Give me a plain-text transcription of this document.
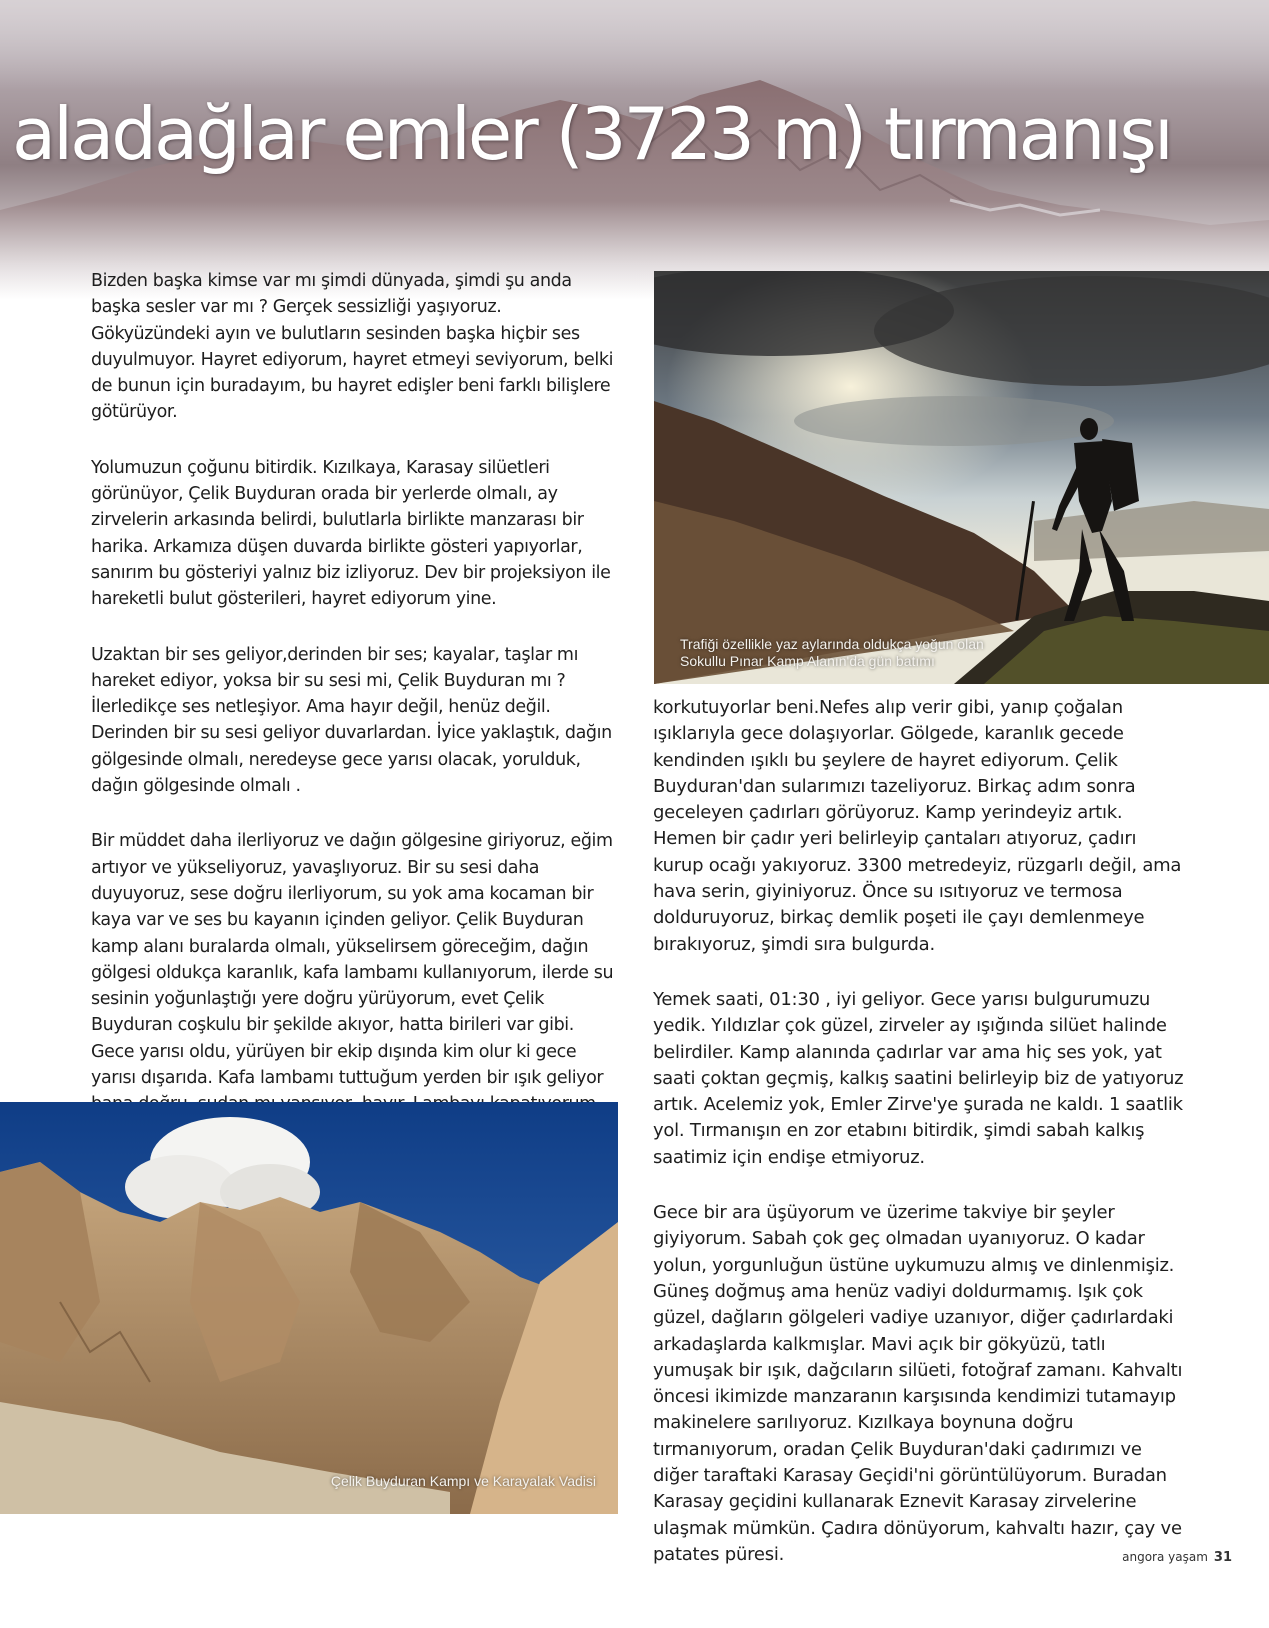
aladağlar emler (3723 m) tırmanışı

Bizden başka kimse var mı şimdi dünyada, şimdi şu anda başka sesler var mı ? Gerçek sessizliği yaşıyoruz. Gökyüzündeki ayın ve bulutların sesinden başka hiçbir ses duyulmuyor. Hayret ediyorum, hayret etmeyi seviyorum, belki de bunun için buradayım, bu hayret edişler beni farklı bilişlere götürüyor.

Yolumuzun çoğunu bitirdik. Kızılkaya, Karasay silüetleri görünüyor, Çelik Buyduran orada bir yerlerde olmalı, ay zirvelerin arkasında belirdi, bulutlarla birlikte manzarası bir harika. Arkamıza düşen duvarda birlikte gösteri yapıyorlar, sanırım bu gösteriyi yalnız biz izliyoruz. Dev bir projeksiyon ile hareketli bulut gösterileri, hayret ediyorum yine.

Uzaktan bir ses geliyor,derinden bir ses; kayalar, taşlar mı hareket ediyor, yoksa bir su sesi mi, Çelik Buyduran mı ? İlerledikçe ses netleşiyor. Ama hayır değil, henüz değil. Derinden bir su sesi geliyor duvarlardan. İyice yaklaştık, dağın gölgesinde olmalı, neredeyse gece yarısı olacak, yorulduk, dağın gölgesinde olmalı .

Bir müddet daha ilerliyoruz ve dağın gölgesine giriyoruz, eğim artıyor ve yükseliyoruz, yavaşlıyoruz. Bir su sesi daha duyuyoruz, sese doğru ilerliyorum, su yok ama kocaman bir kaya var ve ses bu kayanın içinden geliyor. Çelik Buyduran kamp alanı buralarda olmalı, yükselirsem göreceğim, dağın gölgesi oldukça karanlık, kafa lambamı kullanıyorum, ilerde su sesinin yoğunlaştığı yere doğru yürüyorum, evet Çelik Buyduran coşkulu bir şekilde akıyor, hatta birileri var gibi. Gece yarısı oldu, yürüyen bir ekip dışında kim olur ki gece yarısı dışarıda. Kafa lambamı tuttuğum yerden bir ışık geliyor

Trafiği özellikle yaz aylarında oldukça yoğun olan
Sokullu Pınar Kamp Alanın'da gün batımı

korkutuyorlar beni.Nefes alıp verir gibi, yanıp çoğalan ışıklarıyla gece dolaşıyorlar. Gölgede, karanlık gecede kendinden ışıklı bu şeylere de hayret ediyorum. Çelik Buyduran'dan sularımızı tazeliyoruz. Birkaç adım sonra geceleyen çadırları görüyoruz. Kamp yerindeyiz artık. Hemen bir çadır yeri belirleyip çantaları atıyoruz, çadırı kurup ocağı yakıyoruz. 3300 metredeyiz, rüzgarlı değil, ama hava serin, giyiniyoruz. Önce su ısıtıyoruz ve termosa dolduruyoruz, birkaç demlik poşeti ile çayı demlenmeye bırakıyoruz, şimdi sıra bulgurda.

Yemek saati, 01:30 , iyi geliyor. Gece yarısı bulgurumuzu yedik. Yıldızlar çok güzel, zirveler ay ışığında silüet halinde belirdiler. Kamp alanında çadırlar var ama hiç ses yok, yat saati çoktan geçmiş, kalkış saatini belirleyip biz de yatıyoruz artık. Acelemiz yok, Emler Zirve'ye şurada ne kaldı. 1 saatlik yol. Tırmanışın en zor etabını bitirdik, şimdi sabah kalkış saatimiz için endişe etmiyoruz.

Gece bir ara üşüyorum ve üzerime takviye bir şeyler giyiyorum. Sabah çok geç olmadan uyanıyoruz. O kadar yolun, yorgunluğun üstüne uykumuzu almış ve dinlenmişiz. Güneş doğmuş ama henüz vadiyi doldurmamış. Işık çok güzel, dağların gölgeleri vadiye uzanıyor, diğer çadırlardaki arkadaşlarda kalkmışlar. Mavi açık bir gökyüzü, tatlı yumuşak bir ışık, dağcıların silüeti, fotoğraf zamanı. Kahvaltı öncesi ikimizde manzaranın karşısında kendimizi tutamayıp makinelere sarılıyoruz. Kızılkaya boynuna doğru tırmanıyorum, oradan Çelik Buyduran'daki çadırımızı ve diğer taraftaki Karasay Geçidi'ni görüntülüyorum. Buradan Karasay geçidini kullanarak Eznevit Karasay zirvelerine ulaşmak mümkün. Çadıra dönüyorum, kahvaltı hazır, çay ve patates püresi.

Çelik Buyduran Kampı ve Karayalak Vadisi
angora yaşam 31
